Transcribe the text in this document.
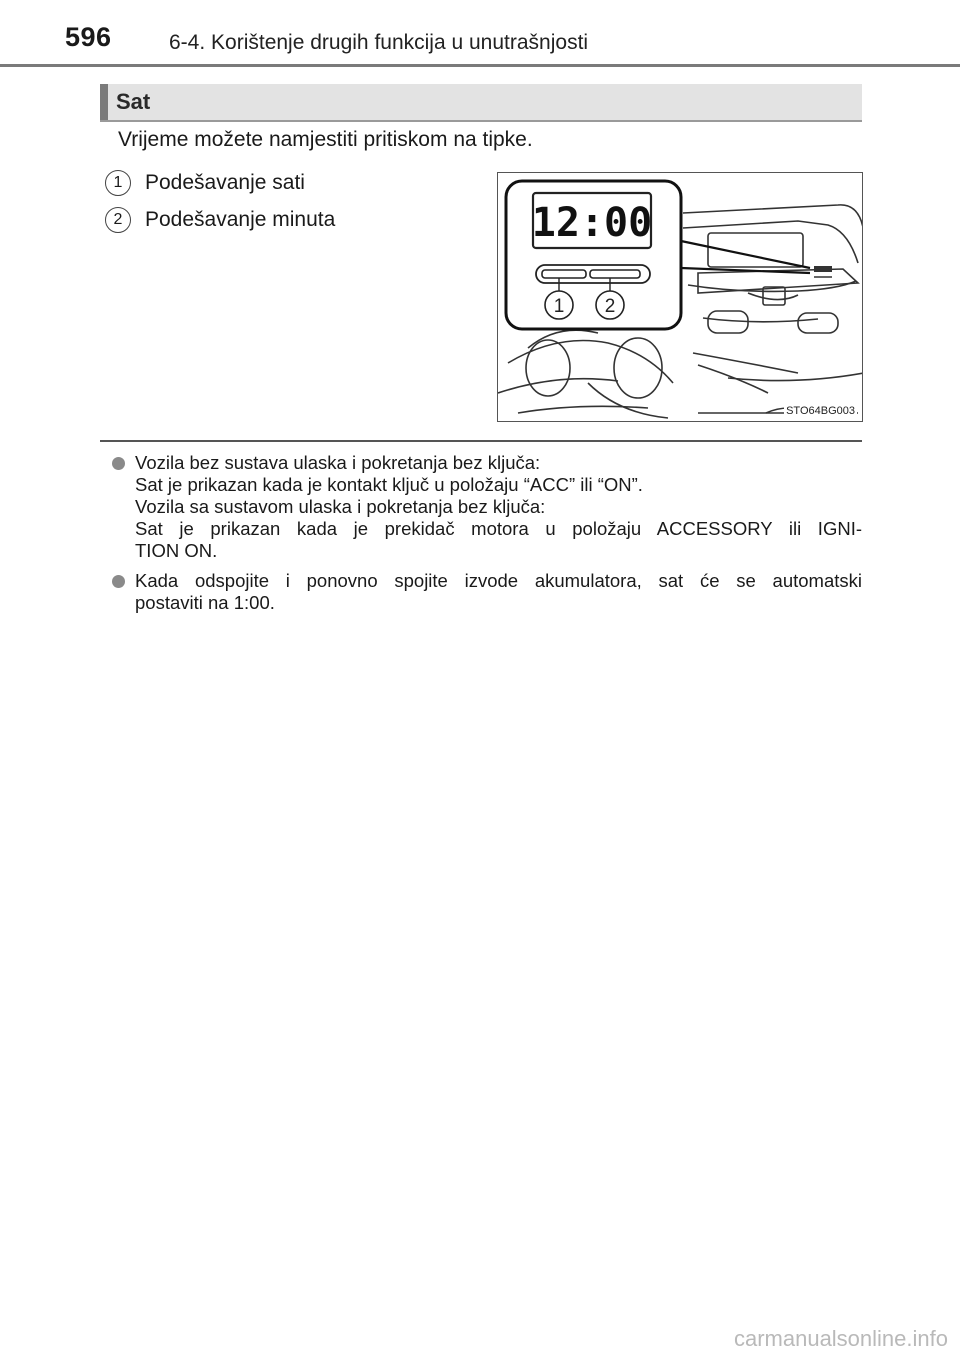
596	6-4. Korištenje drugih funkcija u unutrašnjosti
Sat
Vrijeme možete namjestiti pritiskom na tipke.
1	Podešavanje sati
2	Podešavanje minuta	12:00
1 2
STO64BG003
Vozila bez sustava ulaska i pokretanja bez ključa:
Sat je prikazan kada je kontakt ključ u položaju “ACC” ili “ON”.
Vozila sa sustavom ulaska i pokretanja bez ključa:
Sat je prikazan kada je prekidač motora u položaju ACCESSORY ili IGNI-
TION ON.
Kada odspojite i ponovno spojite izvode akumulatora, sat će se automatski
postaviti na 1:00.
carmanualsonline.info
